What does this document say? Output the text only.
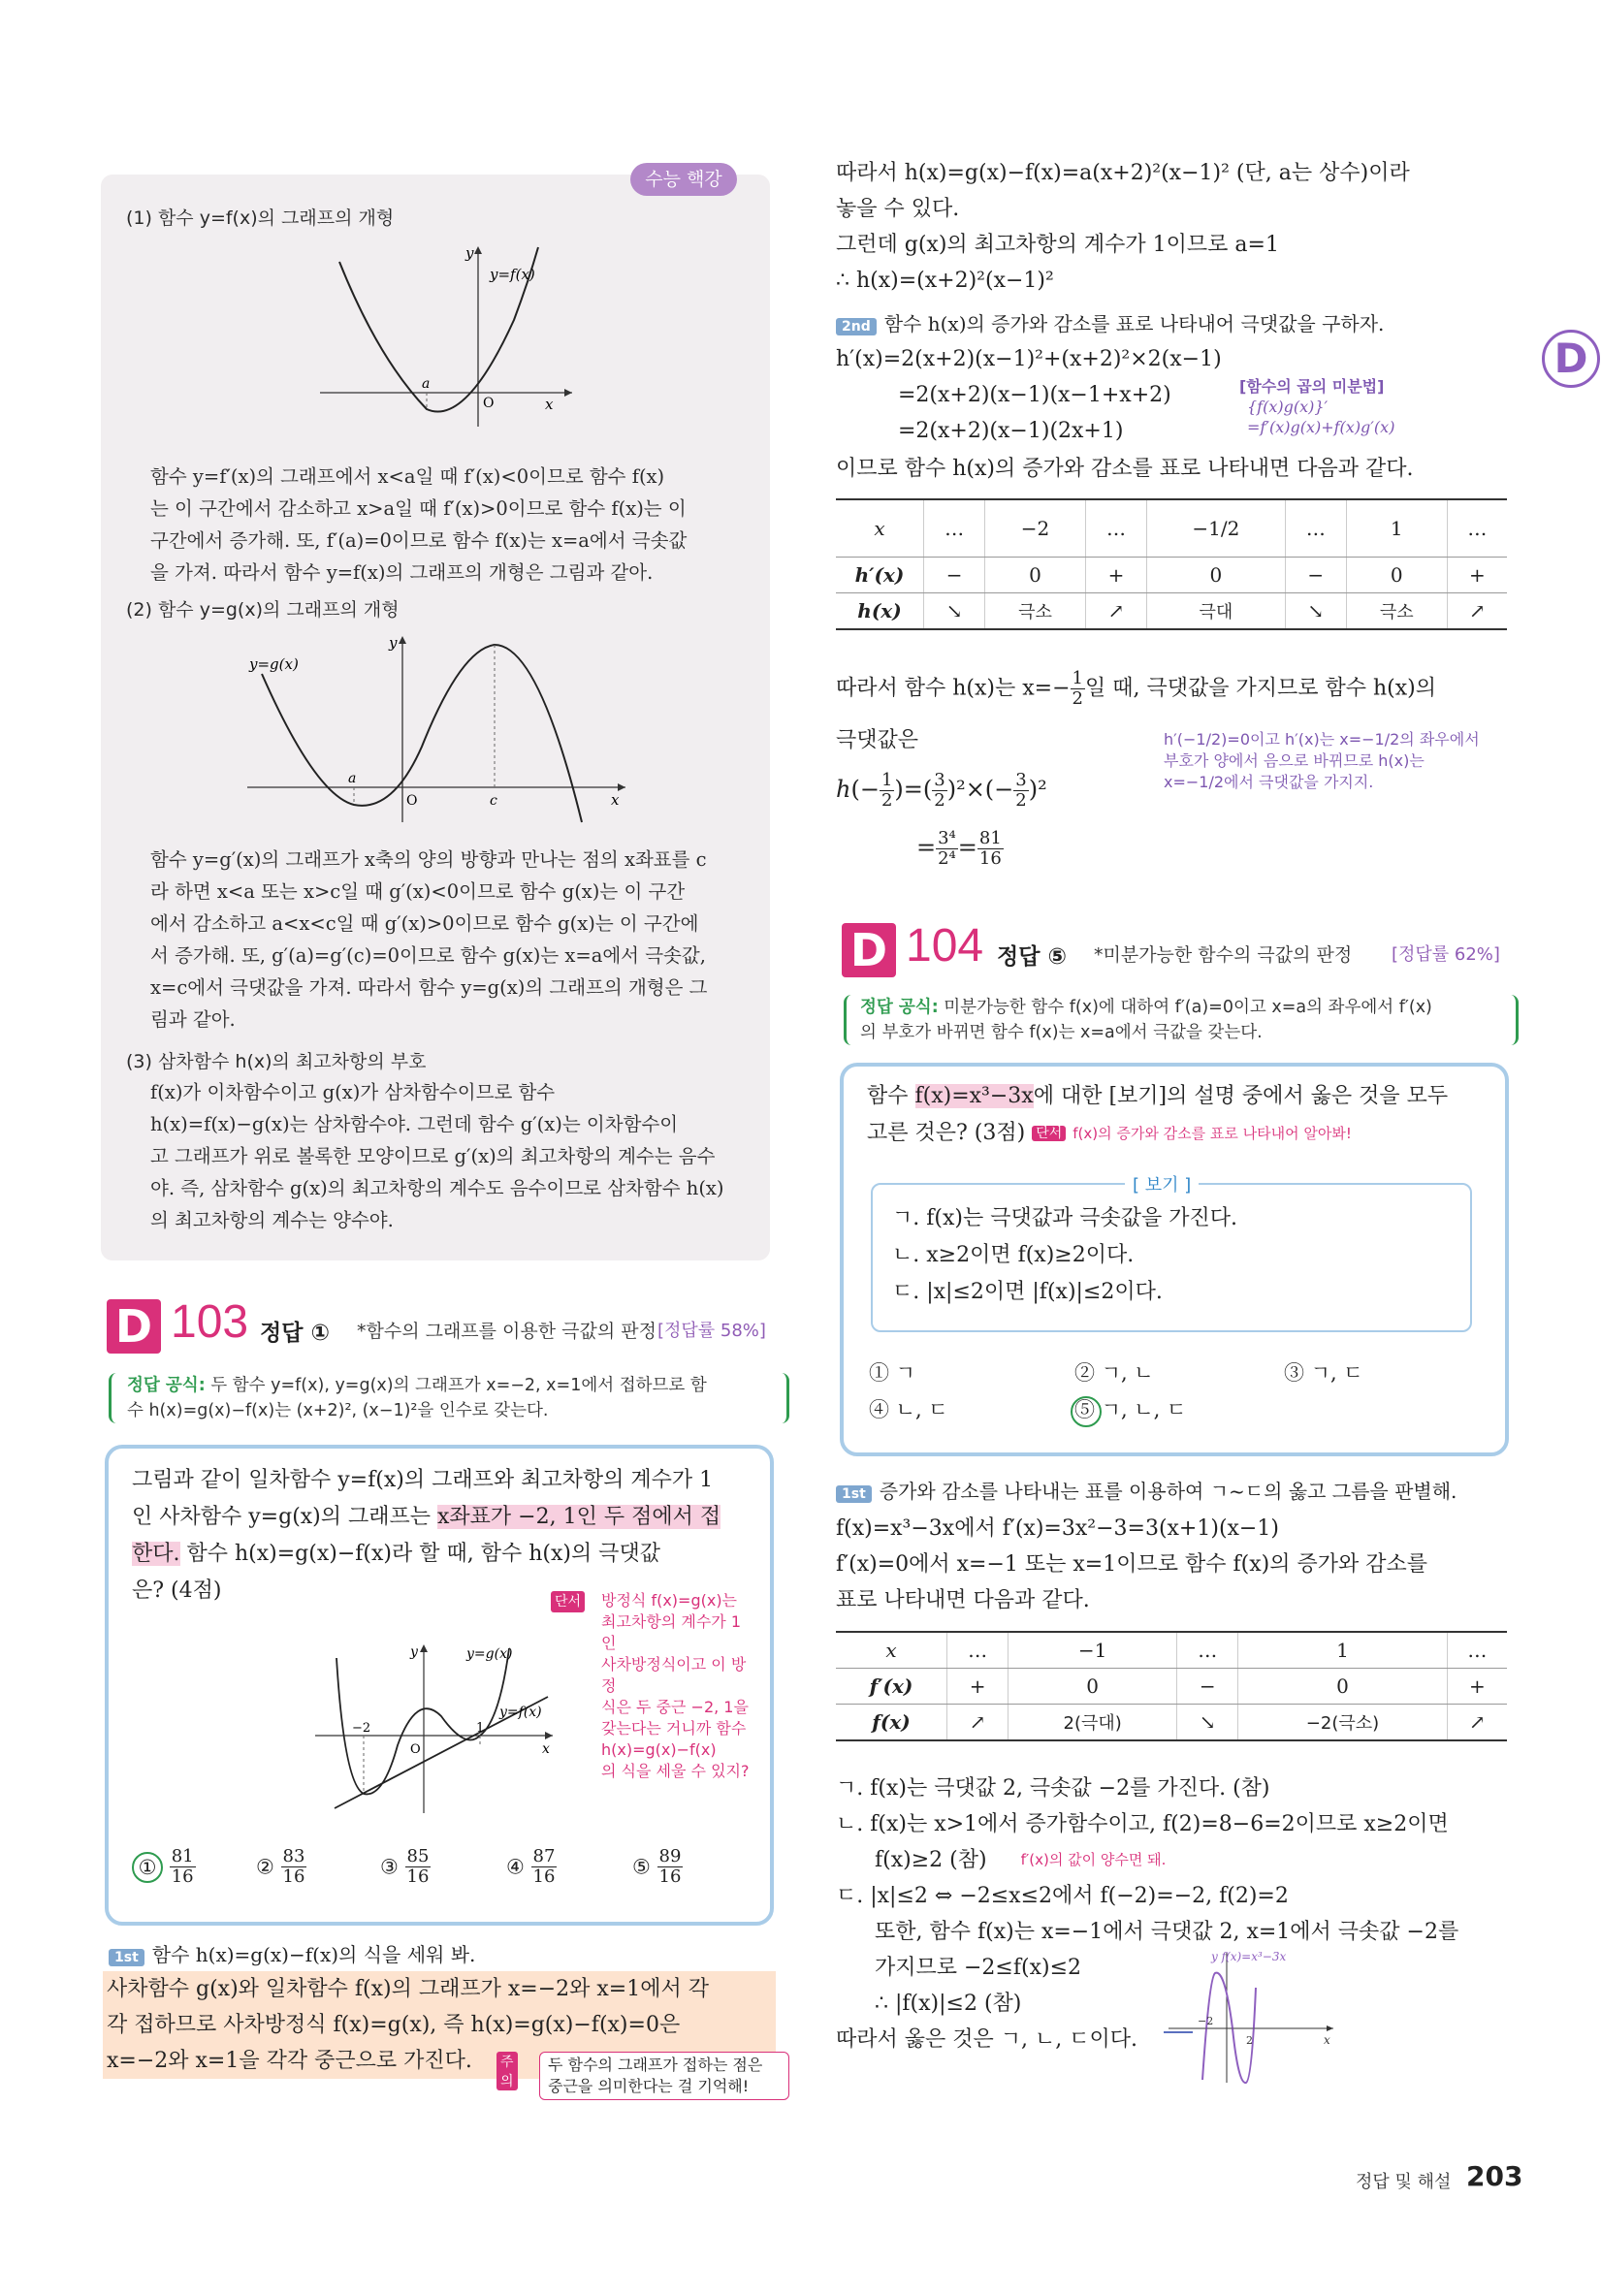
수능 핵강
(1) 함수 y=f(x)의 그래프의 개형
y
y=f(x)
a
O	x
함수 y=f′(x)의 그래프에서 x<a일 때 f′(x)<0이므로 함수 f(x)
는 이 구간에서 감소하고 x>a일 때 f′(x)>0이므로 함수 f(x)는 이
구간에서 증가해. 또, f′(a)=0이므로 함수 f(x)는 x=a에서 극솟값
을 가져. 따라서 함수 y=f(x)의 그래프의 개형은 그림과 같아.
(2) 함수 y=g(x)의 그래프의 개형
y
y=g(x)
a
O	c	x
함수 y=g′(x)의 그래프가 x축의 양의 방향과 만나는 점의 x좌표를 c
라 하면 x<a 또는 x>c일 때 g′(x)<0이므로 함수 g(x)는 이 구간
에서 감소하고 a<x<c일 때 g′(x)>0이므로 함수 g(x)는 이 구간에
서 증가해. 또, g′(a)=g′(c)=0이므로 함수 g(x)는 x=a에서 극솟값,
x=c에서 극댓값을 가져. 따라서 함수 y=g(x)의 그래프의 개형은 그
림과 같아.
(3) 삼차함수 h(x)의 최고차항의 부호
f(x)가 이차함수이고 g(x)가 삼차함수이므로 함수
h(x)=f(x)−g(x)는 삼차함수야. 그런데 함수 g′(x)는 이차함수이
고 그래프가 위로 볼록한 모양이므로 g′(x)의 최고차항의 계수는 음수
야. 즉, 삼차함수 g(x)의 최고차항의 계수도 음수이므로 삼차함수 h(x)
의 최고차항의 계수는 양수야.
D 103 정답 ① *함수의 그래프를 이용한 극값의 판정 [정답률 58%]
정답 공식: 두 함수 y=f(x), y=g(x)의 그래프가 x=−2, x=1에서 접하므로 함
수 h(x)=g(x)−f(x)는 (x+2)², (x−1)²을 인수로 갖는다.
그림과 같이 일차함수 y=f(x)의 그래프와 최고차항의 계수가 1
인 사차함수 y=g(x)의 그래프는 x좌표가 −2, 1인 두 점에서 접
한다. 함수 h(x)=g(x)−f(x)라 할 때, 함수 h(x)의 극댓값
은? (4점)	단서 방정식 f(x)=g(x)는
최고차항의 계수가 1인
사차방정식이고 이 방정
식은 두 중근 −2, 1을
갖는다는 거니까 함수
h(x)=g(x)−f(x)
의 식을 세울 수 있지?
y	y=g(x)
y=f(x)
−2
O
1
x
① $\frac{81}{16}$	② $\frac{83}{16}$	③ $\frac{85}{16}$	④ $\frac{87}{16}$	⑤ $\frac{89}{16}$
1st 함수 h(x)=g(x)−f(x)의 식을 세워 봐.
사차함수 g(x)와 일차함수 f(x)의 그래프가 x=−2와 x=1에서 각
각 접하므로 사차방정식 f(x)=g(x), 즉 h(x)=g(x)−f(x)=0은
x=−2와 x=1을 각각 중근으로 가진다.	주의
두 함수의 그래프가 접하는 점은
중근을 의미한다는 걸 기억해!
따라서 h(x)=g(x)−f(x)=a(x+2)²(x−1)² (단, a는 상수)이라
놓을 수 있다.
그런데 g(x)의 최고차항의 계수가 1이므로 a=1
∴ h(x)=(x+2)²(x−1)²
2nd 함수 h(x)의 증가와 감소를 표로 나타내어 극댓값을 구하자.
h′(x)=2(x+2)(x−1)²+(x+2)²×2(x−1)
=2(x+2)(x−1)(x−1+x+2)
=2(x+2)(x−1)(2x+1)
[함수의 곱의 미분법]
{f(x)g(x)}′
=f′(x)g(x)+f(x)g′(x)
이므로 함수 h(x)의 증가와 감소를 표로 나타내면 다음과 같다.
x	…	−2	…	−1/2	…	1	…
h′(x)	−	0	+	0	−	0	+
h(x)	↘	극소	↗	극대	↘	극소	↗
따라서 함수 h(x)는 $x=- \frac{1}{2}$ 일 때, 극댓값을 가지므로 함수 h(x)의
극댓값은	h′(−1/2)=0이고 h′(x)는 x=−1/2의 좌우에서
부호가 양에서 음으로 바뀌므로 h(x)는
x=−1/2에서 극댓값을 가지지.
$h(- \frac{1}{2}$ )=( $\frac{3}{2} )^2\times(- \frac{3}{2} )^2$
= $\frac{\text{3⁴}}{\text{2⁴}} = \frac{81}{16}$
D 104 정답 ⑤ *미분가능한 함수의 극값의 판정 [정답률 62%]
정답 공식: 미분가능한 함수 f(x)에 대하여 f′(a)=0이고 x=a의 좌우에서 f′(x)
의 부호가 바뀌면 함수 f(x)는 x=a에서 극값을 갖는다.
함수 f(x)=x³−3x에 대한 [보기]의 설명 중에서 옳은 것을 모두
고른 것은? (3점) $^{단서}$ $^{f(x)의 증가와 감소를 표로 나타내어 알아봐!}$
[ 보기 ]
ㄱ. f(x)는 극댓값과 극솟값을 가진다.
ㄴ. x≥2이면 f(x)≥2이다.
ㄷ. |x|≤2이면 |f(x)|≤2이다.
① ㄱ	② ㄱ, ㄴ	③ ㄱ, ㄷ
④ ㄴ, ㄷ	⑤ ㄱ, ㄴ, ㄷ
1st 증가와 감소를 나타내는 표를 이용하여 ㄱ~ㄷ의 옳고 그름을 판별해.
f(x)=x³−3x에서 f′(x)=3x²−3=3(x+1)(x−1)
f′(x)=0에서 x=−1 또는 x=1이므로 함수 f(x)의 증가와 감소를
표로 나타내면 다음과 같다.
x	…	−1	…	1	…
f′(x)	+	0	−	0	+
f(x)	↗	2(극대)	↘	−2(극소)	↗
ㄱ. f(x)는 극댓값 2, 극솟값 −2를 가진다. (참)
ㄴ. f(x)는 x>1에서 증가함수이고, f(2)=8−6=2이므로 x≥2이면
f(x)≥2 (참) $^{f'(x)의 값이 양수면 돼.}$
ㄷ. |x|≤2 ⇔ −2≤x≤2에서 f(−2)=−2, f(2)=2
또한, 함수 f(x)는 x=−1에서 극댓값 2, x=1에서 극솟값 −2를
가지므로 −2≤f(x)≤2
∴ |f(x)|≤2 (참)
따라서 옳은 것은 ㄱ, ㄴ, ㄷ이다.
y f(x)=x³−3x
−2
2	x
D
정답 및 해설 203
